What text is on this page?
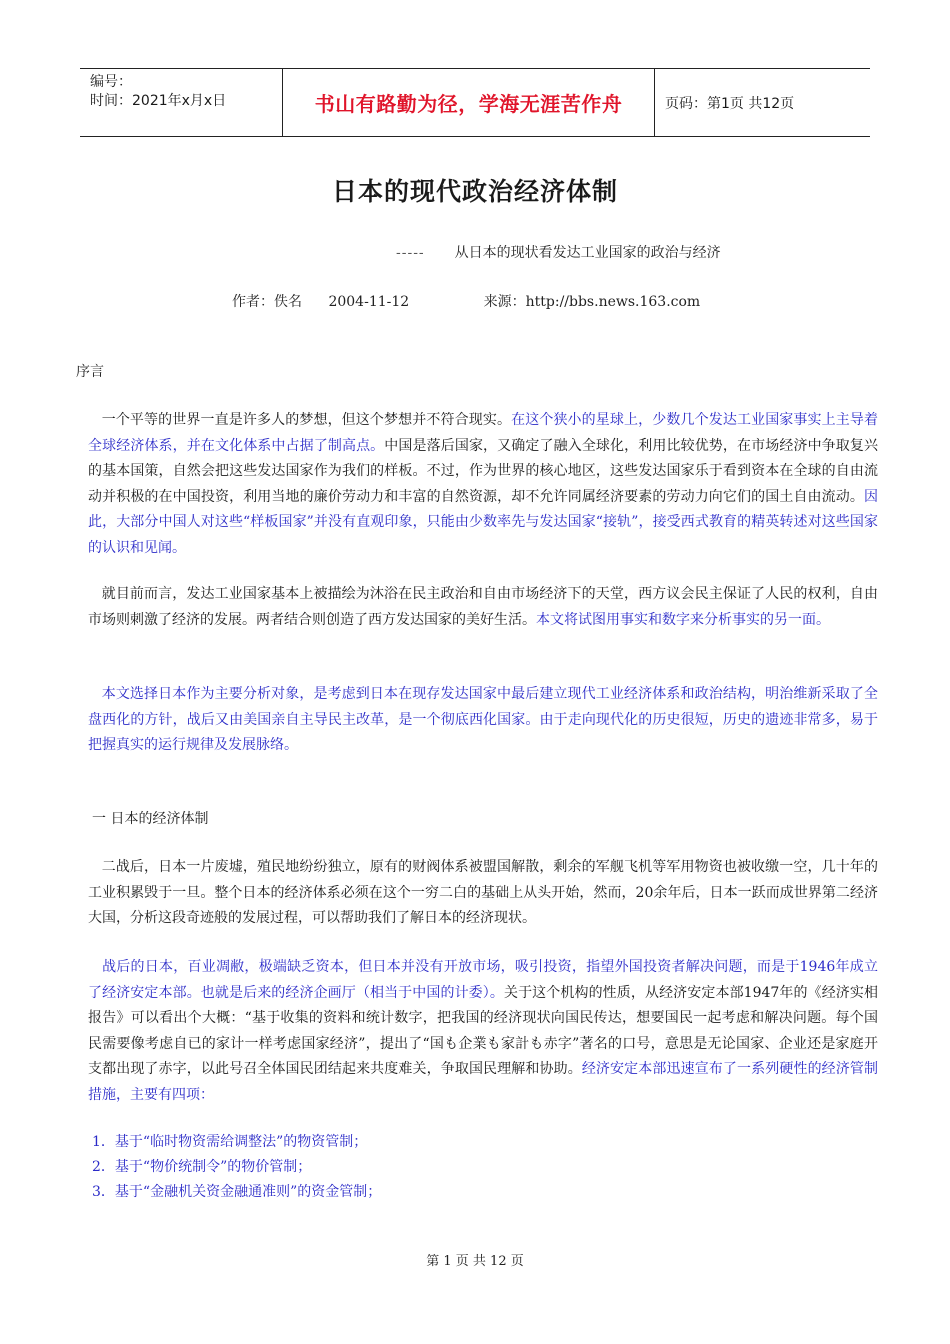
编号：
时间：2021年x月x日	书山有路勤为径，学海无涯苦作舟	页码：第1页 共12页
日本的现代政治经济体制
----- 从日本的现状看发达工业国家的政治与经济
作者：佚名 2004-11-12	来源：http://bbs.news.163.com
序言
一个平等的世界一直是许多人的梦想，但这个梦想并不符合现实。在这个狭小的星球上，少数几个发达工业国家事实上主导着全球经济体系，并在文化体系中占据了制高点。中国是落后国家，又确定了融入全球化，利用比较优势，在市场经济中争取复兴的基本国策，自然会把这些发达国家作为我们的样板。不过，作为世界的核心地区，这些发达国家乐于看到资本在全球的自由流动并积极的在中国投资，利用当地的廉价劳动力和丰富的自然资源，却不允许同属经济要素的劳动力向它们的国土自由流动。因此，大部分中国人对这些“样板国家”并没有直观印象，只能由少数率先与发达国家“接轨”，接受西式教育的精英转述对这些国家的认识和见闻。
就目前而言，发达工业国家基本上被描绘为沐浴在民主政治和自由市场经济下的天堂，西方议会民主保证了人民的权利，自由市场则刺激了经济的发展。两者结合则创造了西方发达国家的美好生活。本文将试图用事实和数字来分析事实的另一面。
本文选择日本作为主要分析对象，是考虑到日本在现存发达国家中最后建立现代工业经济体系和政治结构，明治维新采取了全盘西化的方针，战后又由美国亲自主导民主改革，是一个彻底西化国家。由于走向现代化的历史很短，历史的遗迹非常多，易于把握真实的运行规律及发展脉络。
一 日本的经济体制
二战后，日本一片废墟，殖民地纷纷独立，原有的财阀体系被盟国解散，剩余的军舰飞机等军用物资也被收缴一空，几十年的工业积累毁于一旦。整个日本的经济体系必须在这个一穷二白的基础上从头开始，然而，20余年后，日本一跃而成世界第二经济大国，分析这段奇迹般的发展过程，可以帮助我们了解日本的经济现状。
战后的日本，百业凋敝，极端缺乏资本，但日本并没有开放市场，吸引投资，指望外国投资者解决问题，而是于1946年成立了经济安定本部。也就是后来的经济企画厅（相当于中国的计委）。关于这个机构的性质，从经济安定本部1947年的《经济实相报告》可以看出个大概：“基于收集的资料和统计数字，把我国的经济现状向国民传达，想要国民一起考虑和解决问题。每个国民需要像考虑自已的家计一样考虑国家经济”，提出了“国も企業も家計も赤字”著名的口号，意思是无论国家、企业还是家庭开支都出现了赤字，以此号召全体国民团结起来共度难关，争取国民理解和协助。经济安定本部迅速宣布了一系列硬性的经济管制措施，主要有四项：
1．基于“临时物资需给调整法”的物资管制；
2．基于“物价统制令”的物价管制；
3．基于“金融机关资金融通准则”的资金管制；
第 1 页 共 12 页
